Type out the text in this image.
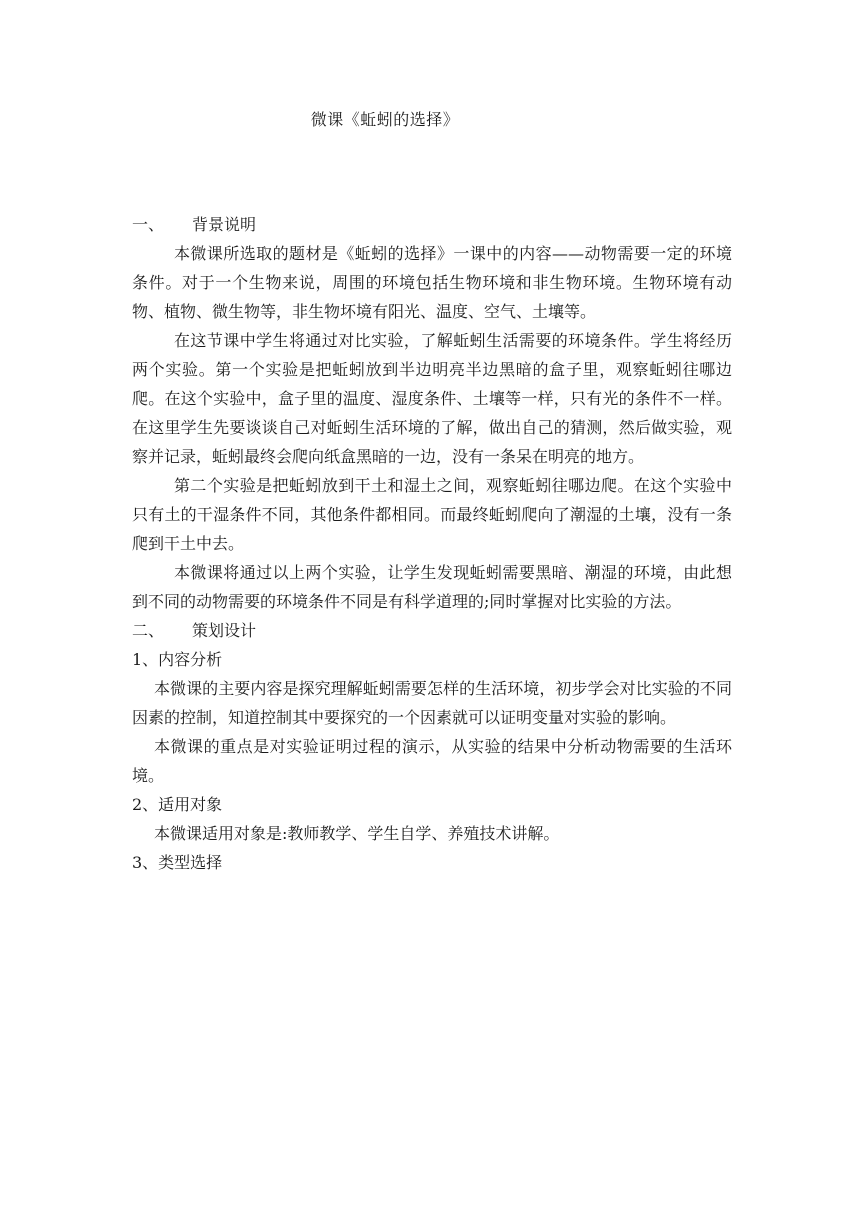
微课《蚯蚓的选择》
一、 背景说明

本微课所选取的题材是《蚯蚓的选择》一课中的内容——动物需要一定的环境条件。对于一个生物来说，周围的环境包括生物环境和非生物环境。生物环境有动物、植物、微生物等，非生物坏境有阳光、温度、空气、土壤等。

在这节课中学生将通过对比实验，了解蚯蚓生活需要的环境条件。学生将经历两个实验。第一个实验是把蚯蚓放到半边明亮半边黑暗的盒子里，观察蚯蚓往哪边爬。在这个实验中，盒子里的温度、湿度条件、土壤等一样，只有光的条件不一样。在这里学生先要谈谈自己对蚯蚓生活环境的了解，做出自己的猜测，然后做实验，观察并记录，蚯蚓最终会爬向纸盒黑暗的一边，没有一条呆在明亮的地方。

第二个实验是把蚯蚓放到干土和湿土之间，观察蚯蚓往哪边爬。在这个实验中只有土的干湿条件不同，其他条件都相同。而最终蚯蚓爬向了潮湿的土壤，没有一条爬到干土中去。

本微课将通过以上两个实验，让学生发现蚯蚓需要黑暗、潮湿的环境，由此想到不同的动物需要的环境条件不同是有科学道理的;同时掌握对比实验的方法。

二、 策划设计
1、内容分析

本微课的主要内容是探究理解蚯蚓需要怎样的生活环境，初步学会对比实验的不同因素的控制，知道控制其中要探究的一个因素就可以证明变量对实验的影响。

本微课的重点是对实验证明过程的演示，从实验的结果中分析动物需要的生活环境。

2、适用对象

本微课适用对象是:教师教学、学生自学、养殖技术讲解。

3、类型选择
